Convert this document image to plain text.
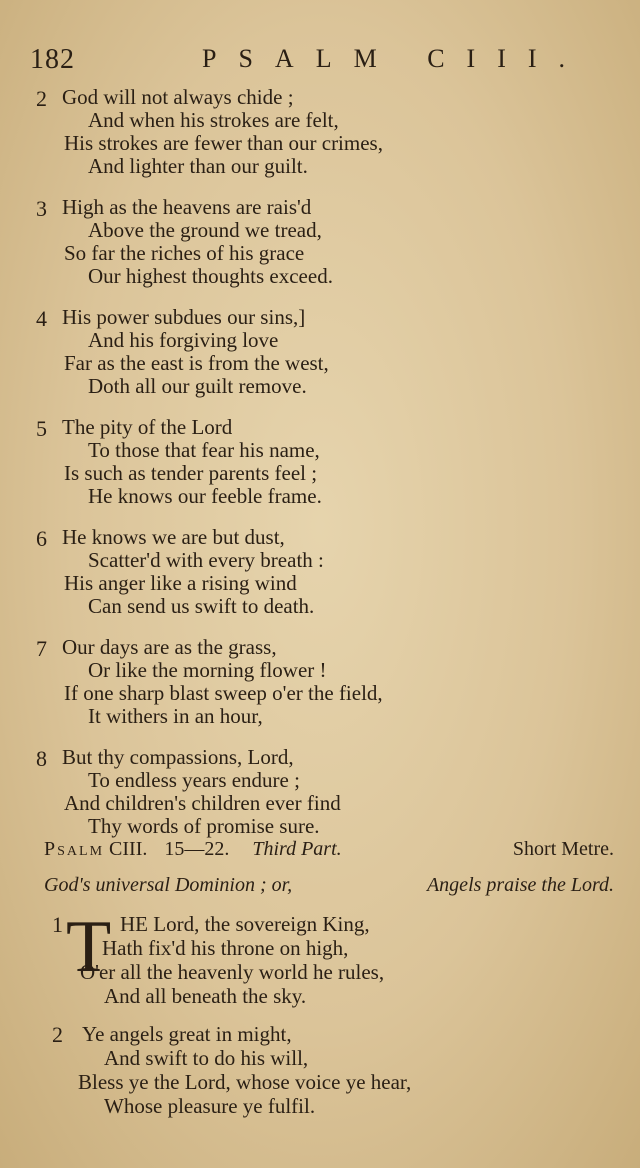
182	PSALM CIII.
2 God will not always chide ;
And when his strokes are felt,
His strokes are fewer than our crimes,
And lighter than our guilt.
3 High as the heavens are rais'd
Above the ground we tread,
So far the riches of his grace
Our highest thoughts exceed.
4 His power subdues our sins,]
And his forgiving love
Far as the east is from the west,
Doth all our guilt remove.
5 The pity of the Lord
To those that fear his name,
Is such as tender parents feel ;
He knows our feeble frame.
6 He knows we are but dust,
Scatter'd with every breath :
His anger like a rising wind
Can send us swift to death.
7 Our days are as the grass,
Or like the morning flower !
If one sharp blast sweep o'er the field,
It withers in an hour,
8 But thy compassions, Lord,
To endless years endure ;
And children's children ever find
Thy words of promise sure.
Psalm CIII. 15—22. Third Part.	Short Metre.
God's universal Dominion ; or,	Angels praise the Lord.
T
1	HE Lord, the sovereign King,
Hath fix'd his throne on high,
O'er all the heavenly world he rules,
And all beneath the sky.
2 Ye angels great in might,
And swift to do his will,
Bless ye the Lord, whose voice ye hear,
Whose pleasure ye fulfil.
